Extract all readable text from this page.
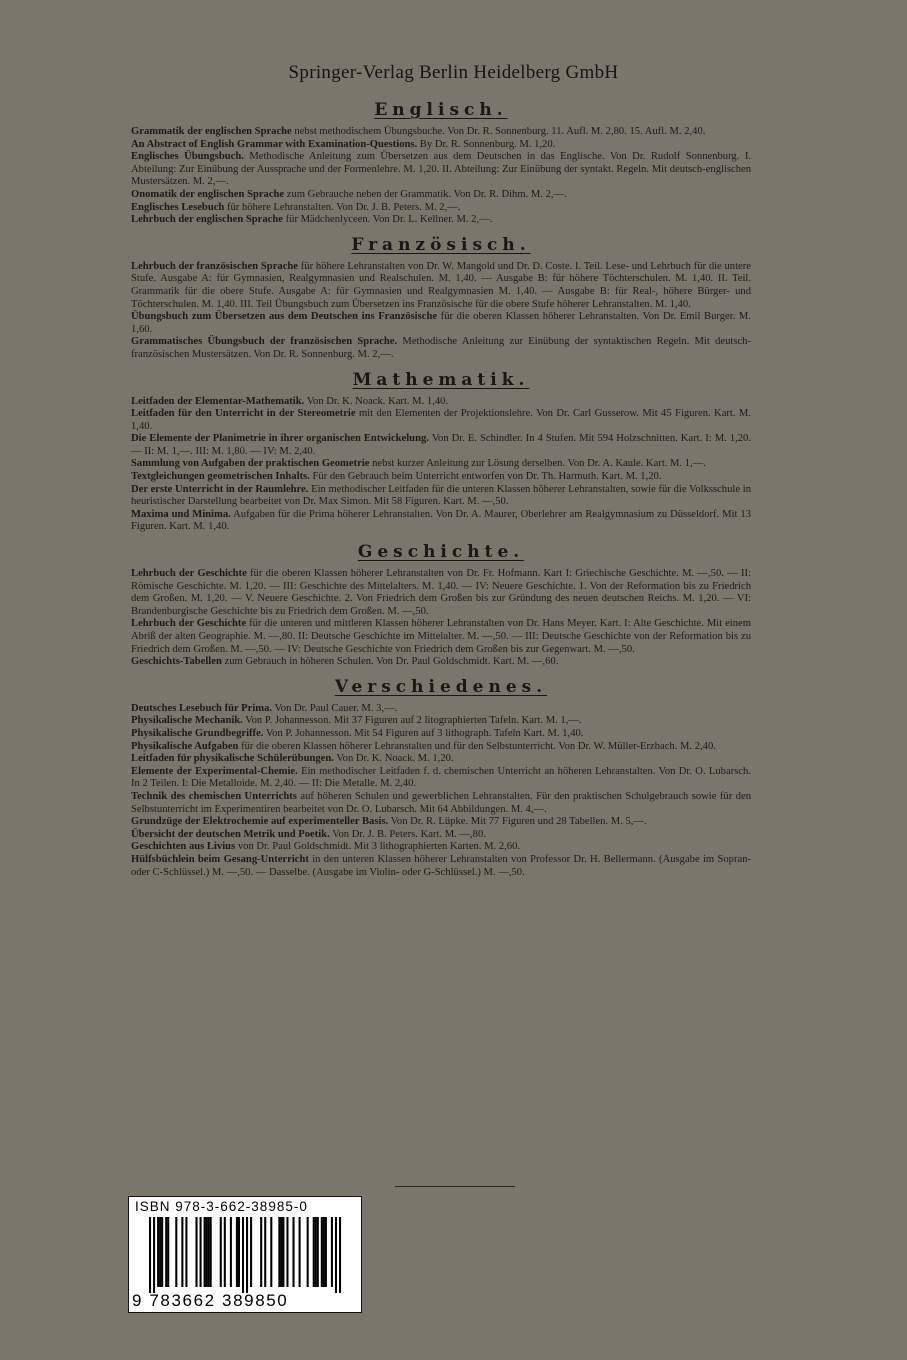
Springer-Verlag Berlin Heidelberg GmbH
Englisch.
Grammatik der englischen Sprache nebst methodischem Übungsbuche. Von Dr. R. Sonnenburg. 11. Aufl. M. 2,80. 15. Aufl. M. 2,40.
An Abstract of English Grammar with Examination-Questions. By Dr. R. Sonnenburg. M. 1,20.
Englisches Übungsbuch. Methodische Anleitung zum Übersetzen aus dem Deutschen in das Englische. Von Dr. Rudolf Sonnenburg. I. Abteilung: Zur Einübung der Aussprache und der Formenlehre. M. 1,20. II. Abteilung: Zur Einübung der syntakt. Regeln. Mit deutsch-englischen Mustersätzen. M. 2,—.
Onomatik der englischen Sprache zum Gebrauche neben der Grammatik. Von Dr. R. Dihm. M. 2,—.
Englisches Lesebuch für höhere Lehranstalten. Von Dr. J. B. Peters. M. 2,—.
Lehrbuch der englischen Sprache für Mädchenlyceen. Von Dr. L. Kellner. M. 2,—.
Französisch.
Lehrbuch der französischen Sprache für höhere Lehranstalten von Dr. W. Mangold und Dr. D. Coste. I. Teil. Lese- und Lehrbuch für die untere Stufe. Ausgabe A: für Gymnasien, Realgymnasien und Realschulen. M. 1,40. — Ausgabe B: für höhere Töchterschulen. M. 1,40. II. Teil. Grammatik für die obere Stufe. Ausgabe A: für Gymnasien und Realgymnasien M. 1,40. — Ausgabe B: für Real-, höhere Bürger- und Töchterschulen. M. 1,40. III. Teil Übungsbuch zum Übersetzen ins Französische für die obere Stufe höherer Lehranstalten. M. 1,40.
Übungsbuch zum Übersetzen aus dem Deutschen ins Französische für die oberen Klassen höherer Lehranstalten. Von Dr. Emil Burger. M. 1,60.
Grammatisches Übungsbuch der französischen Sprache. Methodische Anleitung zur Einübung der syntaktischen Regeln. Mit deutsch-französischen Mustersätzen. Von Dr. R. Sonnenburg. M. 2,—.
Mathematik.
Leitfaden der Elementar-Mathematik. Von Dr. K. Noack. Kart. M. 1,40.
Leitfaden für den Unterricht in der Stereometrie mit den Elementen der Projektionslehre. Von Dr. Carl Gusserow. Mit 45 Figuren. Kart. M. 1,40.
Die Elemente der Planimetrie in ihrer organischen Entwickelung. Von Dr. E. Schindler. In 4 Stufen. Mit 594 Holzschnitten. Kart. I: M. 1,20. — II: M. 1,—. III: M. 1,80. — IV: M. 2,40.
Sammlung von Aufgaben der praktischen Geometrie nebst kurzer Anleitung zur Lösung derselben. Von Dr. A. Kaule. Kart. M. 1,—.
Textgleichungen geometrischen Inhalts. Für den Gebrauch beim Unterricht entworfen von Dr. Th. Harmuth. Kart. M. 1,20.
Der erste Unterricht in der Raumlehre. Ein methodischer Leitfaden für die unteren Klassen höherer Lehranstalten, sowie für die Volksschule in heuristischer Darstellung bearbeitet von Dr. Max Simon. Mit 58 Figuren. Kart. M. —,50.
Maxima und Minima. Aufgaben für die Prima höherer Lehranstalten. Von Dr. A. Maurer, Oberlehrer am Realgymnasium zu Düsseldorf. Mit 13 Figuren. Kart. M. 1,40.
Geschichte.
Lehrbuch der Geschichte für die oberen Klassen höherer Lehranstalten von Dr. Fr. Hofmann. Kart I: Griechische Geschichte. M. —,50. — II: Römische Geschichte. M. 1,20. — III: Geschichte des Mittelalters. M. 1,40. — IV: Neuere Geschichte. 1. Von der Reformation bis zu Friedrich dem Großen. M. 1,20. — V. Neuere Geschichte. 2. Von Friedrich dem Großen bis zur Gründung des neuen deutschen Reichs. M. 1,20. — VI: Brandenburgische Geschichte bis zu Friedrich dem Großen. M. —,50.
Lehrbuch der Geschichte für die unteren und mittleren Klassen höherer Lehranstalten von Dr. Hans Meyer. Kart. I: Alte Geschichte. Mit einem Abriß der alten Geographie. M. —,80. II: Deutsche Geschichte im Mittelalter. M. —,50. — III: Deutsche Geschichte von der Reformation bis zu Friedrich dem Großen. M. —,50. — IV: Deutsche Geschichte von Friedrich dem Großen bis zur Gegenwart. M. —,50.
Geschichts-Tabellen zum Gebrauch in höheren Schulen. Von Dr. Paul Goldschmidt. Kart. M. —,60.
Verschiedenes.
Deutsches Lesebuch für Prima. Von Dr. Paul Cauer. M. 3,—.
Physikalische Mechanik. Von P. Johannesson. Mit 37 Figuren auf 2 litographierten Tafeln. Kart. M. 1,—.
Physikalische Grundbegriffe. Von P. Johannesson. Mit 54 Figuren auf 3 lithograph. Tafeln Kart. M. 1,40.
Physikalische Aufgaben für die oberen Klassen höherer Lehranstalten und für den Selbstunterricht. Von Dr. W. Müller-Erzbach. M. 2,40.
Leitfaden für physikalische Schülerübungen. Von Dr. K. Noack. M. 1,20.
Elemente der Experimental-Chemie. Ein methodischer Leitfaden f. d. chemischen Unterricht an höheren Lehranstalten. Von Dr. O. Lubarsch. In 2 Teilen. I: Die Metalloide. M. 2,40. — II: Die Metalle. M. 2,40.
Technik des chemischen Unterrichts auf höheren Schulen und gewerblichen Lehranstalten. Für den praktischen Schulgebrauch sowie für den Selbstunterricht im Experimentiren bearbeitet von Dr. O. Lubarsch. Mit 64 Abbildungen. M. 4,—.
Grundzüge der Elektrochemie auf experimenteller Basis. Von Dr. R. Lüpke. Mit 77 Figuren und 28 Tabellen. M. 5,—.
Übersicht der deutschen Metrik und Poetik. Von Dr. J. B. Peters. Kart. M. —,80.
Geschichten aus Livius von Dr. Paul Goldschmidt. Mit 3 lithographierten Karten. M. 2,60.
Hülfsbüchlein beim Gesang-Unterricht in den unteren Klassen höherer Lehranstalten von Professor Dr. H. Bellermann. (Ausgabe im Sopran- oder C-Schlüssel.) M. —,50. — Dasselbe. (Ausgabe im Violin- oder G-Schlüssel.) M. —,50.
ISBN 978-3-662-38985-0
9 783662 389850
